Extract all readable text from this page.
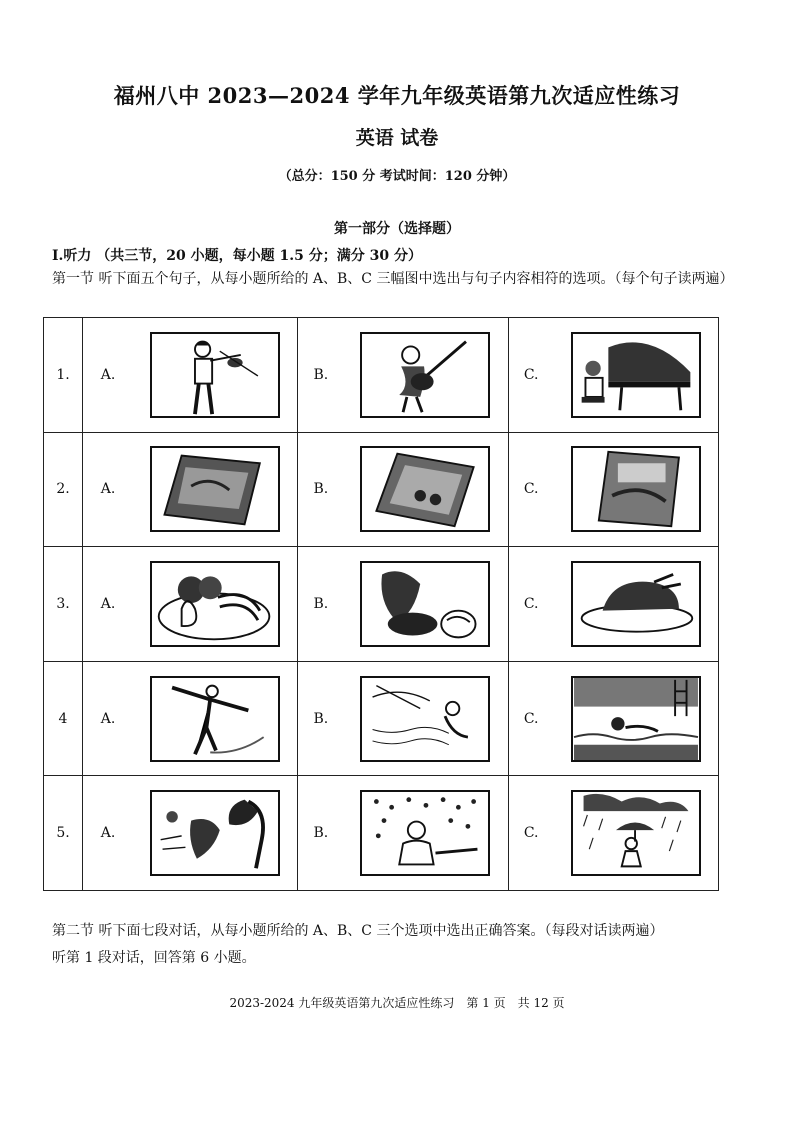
福州八中 2023—2024 学年九年级英语第九次适应性练习
英语 试卷
（总分：150 分 考试时间：120 分钟）
第一部分（选择题）
I.听力 （共三节，20 小题，每小题 1.5 分；满分 30 分）
第一节 听下面五个句子，从每小题所给的 A、B、C 三幅图中选出与句子内容相符的选项。（每个句子读两遍）
1.	A.		B.		C.	

2.	A.		B.		C.	

3.	A.		B.		C.	

4	A.		B.		C.	

5.	A.		B.		C.	
第二节 听下面七段对话，从每小题所给的 A、B、C 三个选项中选出正确答案。（每段对话读两遍）
听第 1 段对话，回答第 6 小题。
2023-2024 九年级英语第九次适应性练习　第 1 页　共 12 页
